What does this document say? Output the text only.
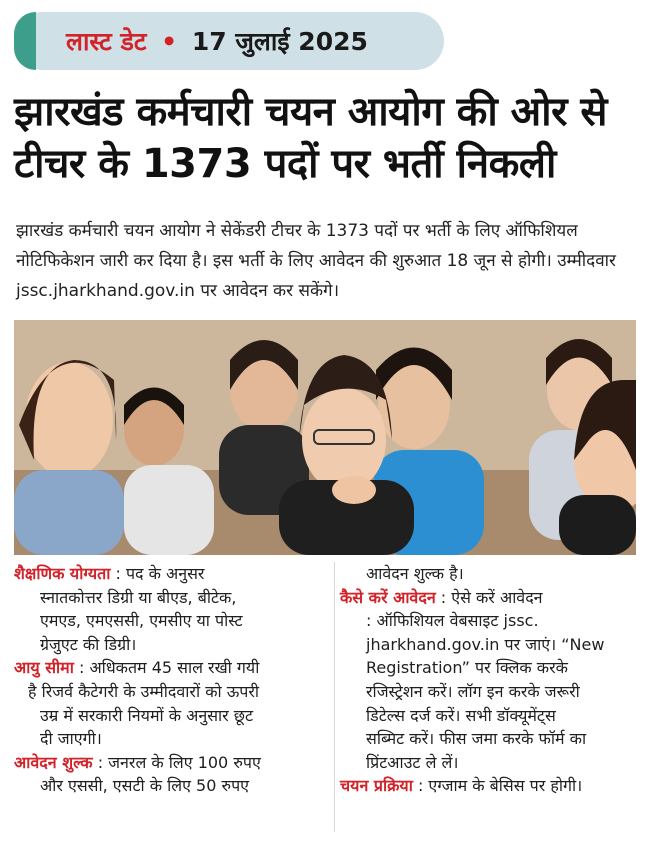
लास्ट डेट • 17 जुलाई 2025
झारखंड कर्मचारी चयन आयोग की ओर से टीचर के 1373 पदों पर भर्ती निकली

झारखंड कर्मचारी चयन आयोग ने सेकेंडरी टीचर के 1373 पदों पर भर्ती के लिए ऑफिशियल नोटिफिकेशन जारी कर दिया है। इस भर्ती के लिए आवेदन की शुरुआत 18 जून से होगी। उम्मीदवार jssc.jharkhand.gov.in पर आवेदन कर सकेंगे।

शैक्षणिक योग्यता : पद के अनुसर

स्नातकोत्तर डिग्री या बीएड, बीटेक,

एमएड, एमएससी, एमसीए या पोस्ट

ग्रेजुएट की डिग्री।

आयु सीमा : अधिकतम 45 साल रखी गयी

है रिजर्व कैटेगरी के उम्मीदवारों को ऊपरी

उम्र में सरकारी नियमों के अनुसार छूट

दी जाएगी।

आवेदन शुल्क : जनरल के लिए 100 रुपए

और एससी, एसटी के लिए 50 रुपए

आवेदन शुल्क है।

कैसे करें आवेदन : ऐसे करें आवेदन

: ऑफिशियल वेबसाइट jssc.

jharkhand.gov.in पर जाएं। “New

Registration” पर क्लिक करके

रजिस्ट्रेशन करें। लॉग इन करके जरूरी

डिटेल्स दर्ज करें। सभी डॉक्यूमेंट्स

सब्मिट करें। फीस जमा करके फॉर्म का

प्रिंटआउट ले लें।

चयन प्रक्रिया : एग्जाम के बेसिस पर होगी।
